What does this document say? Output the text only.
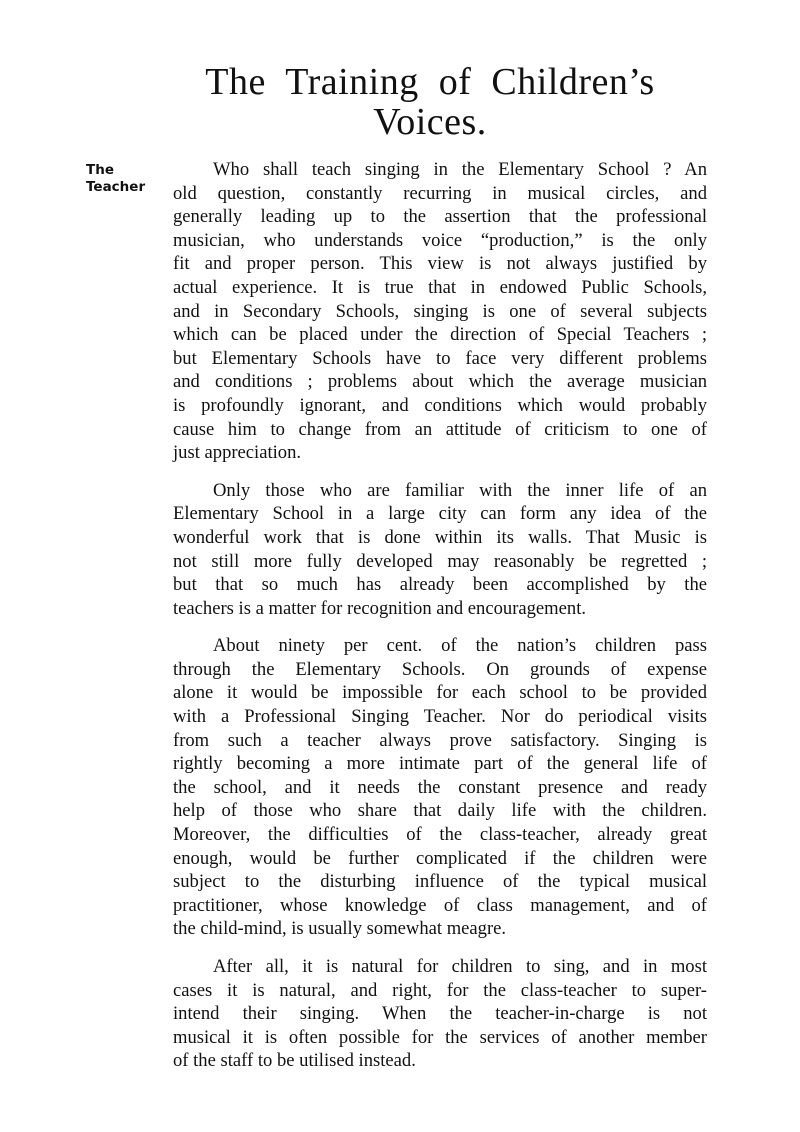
The Training of Children’s
Voices.
The
Teacher
Who shall teach singing in the Elementary School ? An
old question, constantly recurring in musical circles, and
generally leading up to the assertion that the professional
musician, who understands voice “production,” is the only
fit and proper person. This view is not always justified by
actual experience. It is true that in endowed Public Schools,
and in Secondary Schools, singing is one of several subjects
which can be placed under the direction of Special Teachers ;
but Elementary Schools have to face very different problems
and conditions ; problems about which the average musician
is profoundly ignorant, and conditions which would probably
cause him to change from an attitude of criticism to one of
just appreciation.
Only those who are familiar with the inner life of an
Elementary School in a large city can form any idea of the
wonderful work that is done within its walls. That Music is
not still more fully developed may reasonably be regretted ;
but that so much has already been accomplished by the
teachers is a matter for recognition and encouragement.
About ninety per cent. of the nation’s children pass
through the Elementary Schools. On grounds of expense
alone it would be impossible for each school to be provided
with a Professional Singing Teacher. Nor do periodical visits
from such a teacher always prove satisfactory. Singing is
rightly becoming a more intimate part of the general life of
the school, and it needs the constant presence and ready
help of those who share that daily life with the children.
Moreover, the difficulties of the class-teacher, already great
enough, would be further complicated if the children were
subject to the disturbing influence of the typical musical
practitioner, whose knowledge of class management, and of
the child-mind, is usually somewhat meagre.
After all, it is natural for children to sing, and in most
cases it is natural, and right, for the class-teacher to super-
intend their singing. When the teacher-in-charge is not
musical it is often possible for the services of another member
of the staff to be utilised instead.
